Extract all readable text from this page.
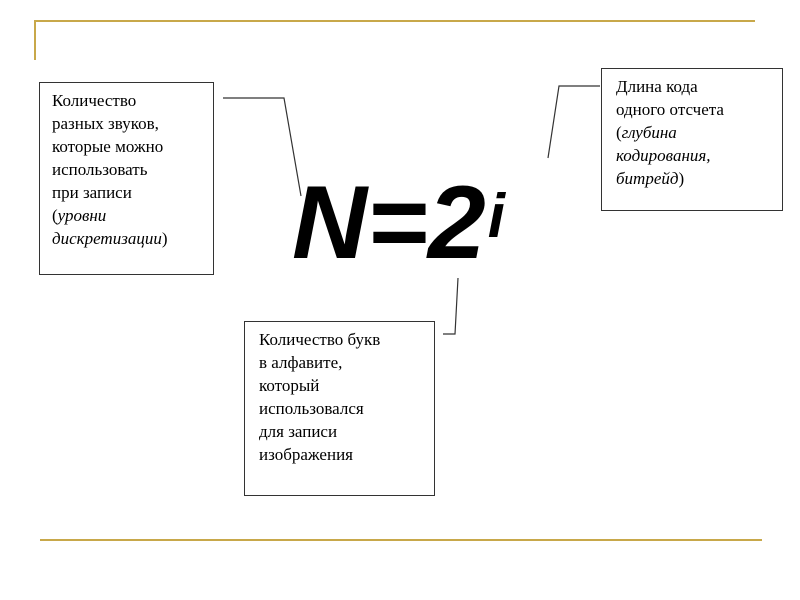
Количество
разных звуков,
которые можно
использовать
при записи
(уровни
дискретизации)
Длина кода
одного отсчета
(глубина
кодирования,
битрейд)
$N=2^i$
Количество букв
в алфавите,
который
использовался
для записи
изображения
